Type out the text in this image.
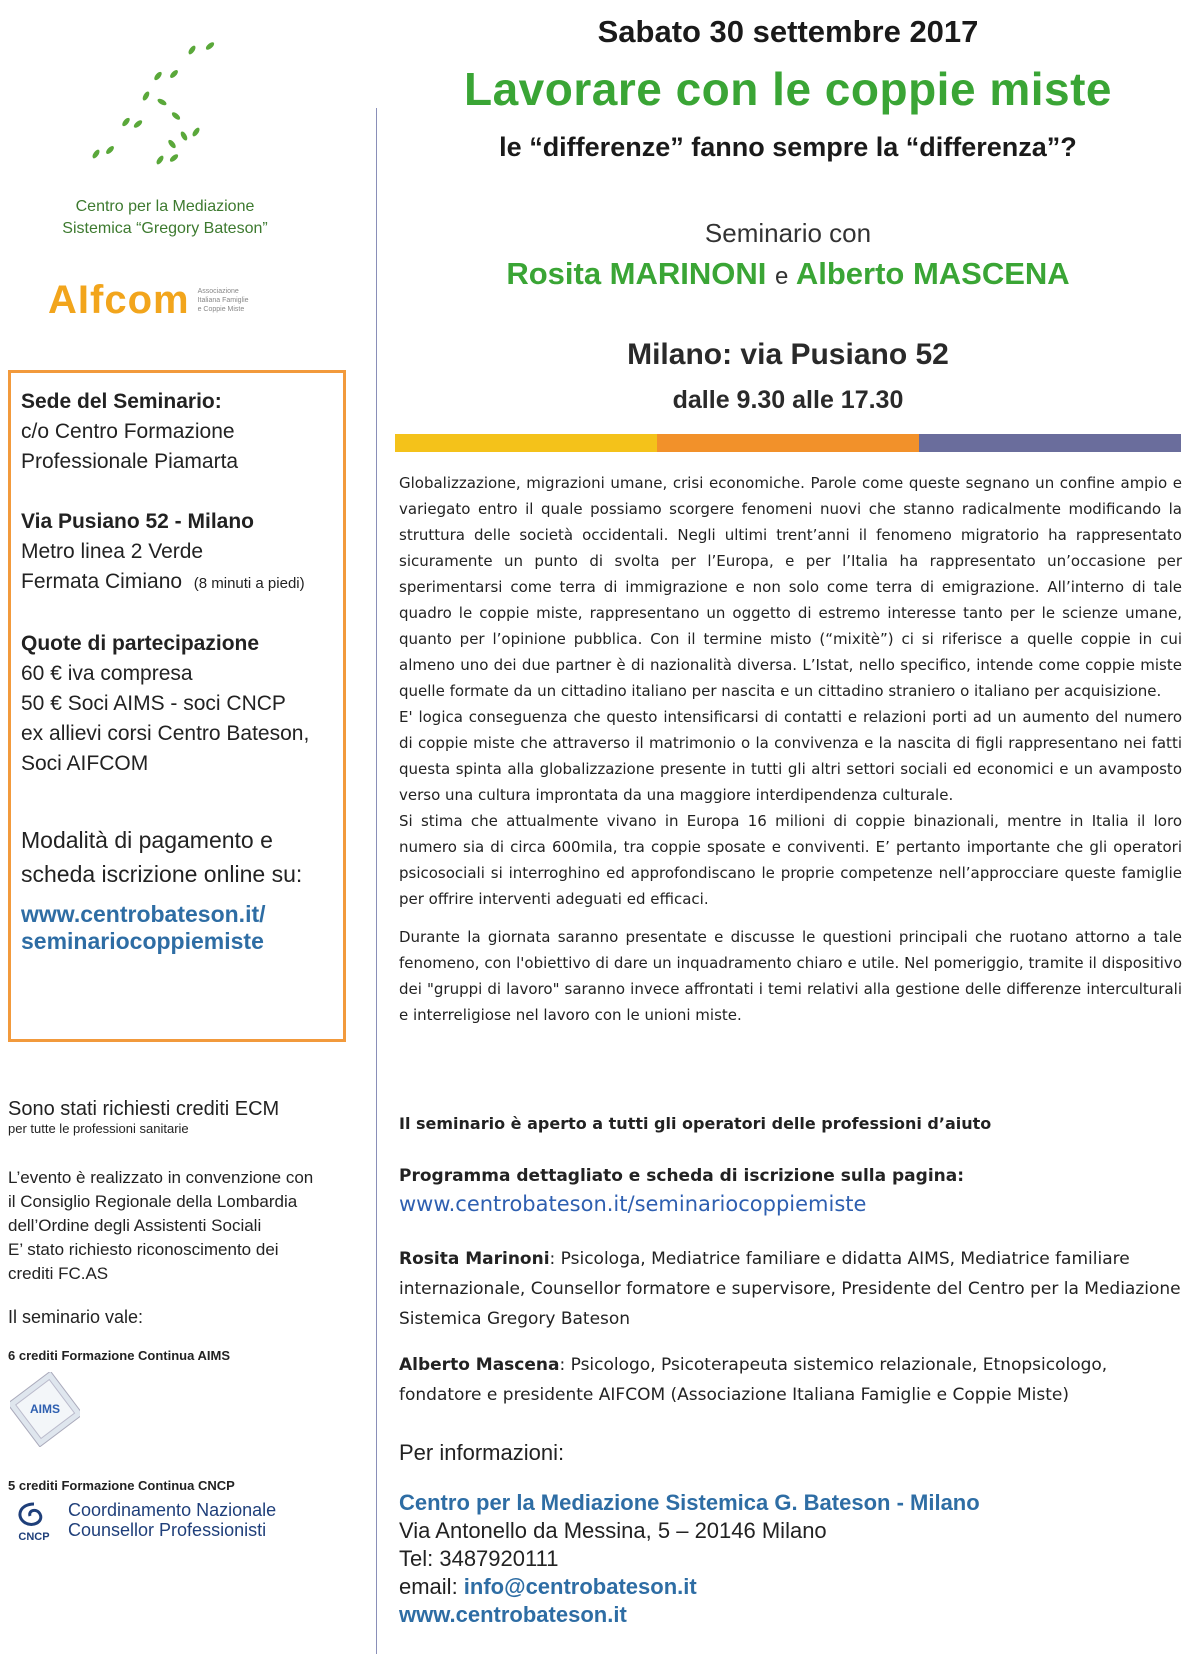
Centro per la Mediazione
Sistemica “Gregory Bateson”
AIfcom Associazione Italiana Famiglie e Coppie Miste
Sede del Seminario:
c/o Centro Formazione
Professionale Piamarta
Via Pusiano 52 - Milano
Metro linea 2 Verde
Fermata Cimiano (8 minuti a piedi)
Quote di partecipazione
60 € iva compresa
50 € Soci AIMS - soci CNCP
ex allievi corsi Centro Bateson,
Soci AIFCOM
Modalità di pagamento e
scheda iscrizione online su:
www.centrobateson.it/
seminariocoppiemiste
Sono stati richiesti crediti ECM
per tutte le professioni sanitarie
L’evento è realizzato in convenzione con
il Consiglio Regionale della Lombardia
dell’Ordine degli Assistenti Sociali
E’ stato richiesto riconoscimento dei
crediti FC.AS
Il seminario vale:
6 crediti Formazione Continua AIMS
AIMS
5 crediti Formazione Continua CNCP
CNCP
Coordinamento Nazionale
Counsellor Professionisti
Sabato 30 settembre 2017
Lavorare con le coppie miste
le “differenze” fanno sempre la “differenza”?
Seminario con
Rosita MARINONI e Alberto MASCENA
Milano: via Pusiano 52
dalle 9.30 alle 17.30

Globalizzazione, migrazioni umane, crisi economiche. Parole come queste segnano un confine ampio e variegato entro il quale possiamo scorgere fenomeni nuovi che stanno radicalmente modificando la struttura delle società occidentali. Negli ultimi trent’anni il fenomeno migratorio ha rappresentato sicuramente un punto di svolta per l’Europa, e per l’Italia ha rappresentato un’occasione per sperimentarsi come terra di immigrazione e non solo come terra di emigrazione. All’interno di tale quadro le coppie miste, rappresentano un oggetto di estremo interesse tanto per le scienze umane, quanto per l’opinione pubblica. Con il termine misto (“mixitè”) ci si riferisce a quelle coppie in cui almeno uno dei due partner è di nazionalità diversa. L’Istat, nello specifico, intende come coppie miste quelle formate da un cittadino italiano per nascita e un cittadino straniero o italiano per acquisizione.

E' logica conseguenza che questo intensificarsi di contatti e relazioni porti ad un aumento del numero di coppie miste che attraverso il matrimonio o la convivenza e la nascita di figli rappresentano nei fatti questa spinta alla globalizzazione presente in tutti gli altri settori sociali ed economici e un avamposto verso una cultura improntata da una maggiore interdipendenza culturale.

Si stima che attualmente vivano in Europa 16 milioni di coppie binazionali, mentre in Italia il loro numero sia di circa 600mila, tra coppie sposate e conviventi. E’ pertanto importante che gli operatori psicosociali si interroghino ed approfondiscano le proprie competenze nell’approcciare queste famiglie per offrire interventi adeguati ed efficaci.

Durante la giornata saranno presentate e discusse le questioni principali che ruotano attorno a tale fenomeno, con l'obiettivo di dare un inquadramento chiaro e utile. Nel pomeriggio, tramite il dispositivo dei "gruppi di lavoro" saranno invece affrontati i temi relativi alla gestione delle differenze interculturali e interreligiose nel lavoro con le unioni miste.

Il seminario è aperto a tutti gli operatori delle professioni d’aiuto
Programma dettagliato e scheda di iscrizione sulla pagina:
www.centrobateson.it/seminariocoppiemiste
Rosita Marinoni: Psicologa, Mediatrice familiare e didatta AIMS, Mediatrice familiare internazionale, Counsellor formatore e supervisore, Presidente del Centro per la Mediazione Sistemica Gregory Bateson
Alberto Mascena: Psicologo, Psicoterapeuta sistemico relazionale, Etnopsicologo, fondatore e presidente AIFCOM (Associazione Italiana Famiglie e Coppie Miste)
Per informazioni:
Centro per la Mediazione Sistemica G. Bateson - Milano
Via Antonello da Messina, 5 – 20146 Milano
Tel: 3487920111
email: info@centrobateson.it
www.centrobateson.it
